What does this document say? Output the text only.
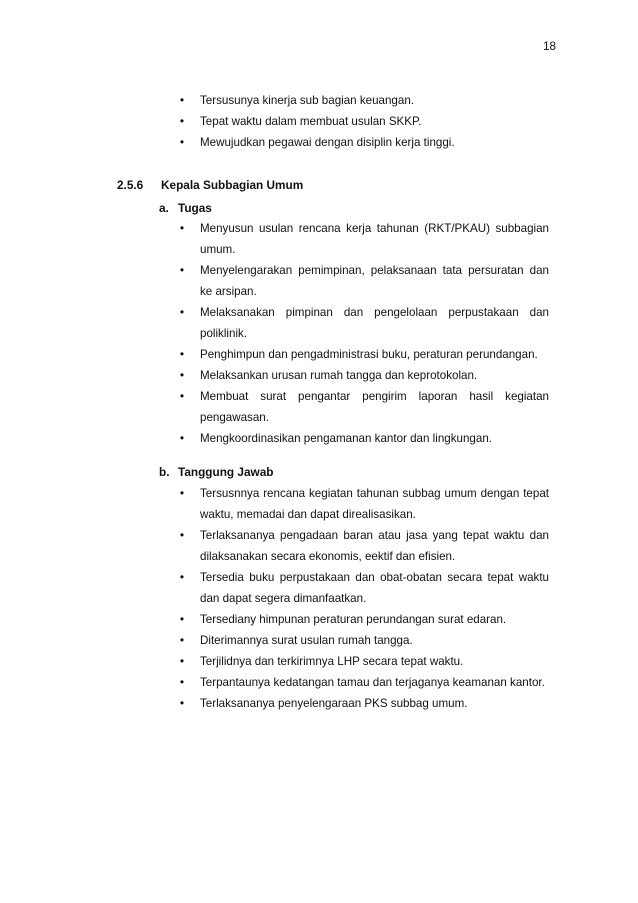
18
•	Tersusunya kinerja sub bagian keuangan.
•	Tepat waktu dalam membuat usulan SKKP.
•	Mewujudkan pegawai dengan disiplin kerja tinggi.
2.5.6 Kepala Subbagian Umum
a. Tugas
•	Menyusun usulan rencana kerja tahunan (RKT/PKAU) subbagian umum.
•	Menyelengarakan pemimpinan, pelaksanaan tata persuratan dan ke arsipan.
•	Melaksanakan pimpinan dan pengelolaan perpustakaan dan poliklinik.
•	Penghimpun dan pengadministrasi buku, peraturan perundangan.
•	Melaksankan urusan rumah tangga dan keprotokolan.
•	Membuat surat pengantar pengirim laporan hasil kegiatan pengawasan.
•	Mengkoordinasikan pengamanan kantor dan lingkungan.
b. Tanggung Jawab
•	Tersusnnya rencana kegiatan tahunan subbag umum dengan tepat waktu, memadai dan dapat direalisasikan.
•	Terlaksananya pengadaan baran atau jasa yang tepat waktu dan dilaksanakan secara ekonomis, eektif dan efisien.
•	Tersedia buku perpustakaan dan obat-obatan secara tepat waktu dan dapat segera dimanfaatkan.
•	Tersediany himpunan peraturan perundangan surat edaran.
•	Diterimannya surat usulan rumah tangga.
•	Terjilidnya dan terkirimnya LHP secara tepat waktu.
•	Terpantaunya kedatangan tamau dan terjaganya keamanan kantor.
•	Terlaksananya penyelengaraan PKS subbag umum.
